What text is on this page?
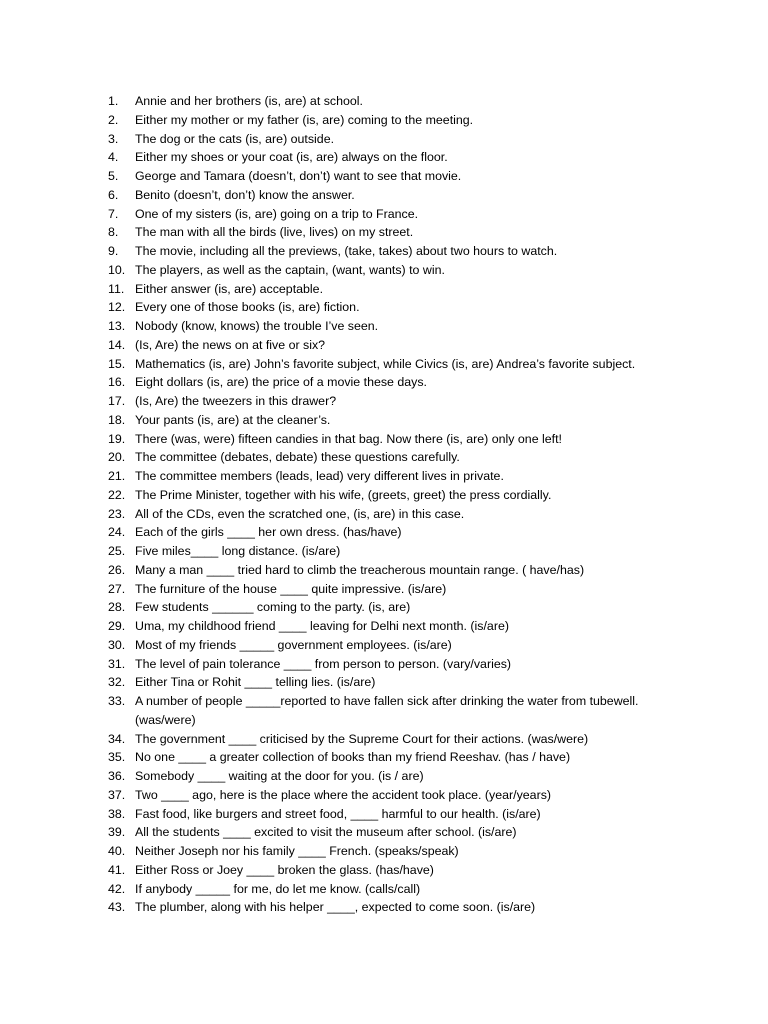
1.	Annie and her brothers (is, are) at school.
2.	Either my mother or my father (is, are) coming to the meeting.
3.	The dog or the cats (is, are) outside.
4.	Either my shoes or your coat (is, are) always on the floor.
5.	George and Tamara (doesn’t, don’t) want to see that movie.
6.	Benito (doesn’t, don’t) know the answer.
7.	One of my sisters (is, are) going on a trip to France.
8.	The man with all the birds (live, lives) on my street.
9.	The movie, including all the previews, (take, takes) about two hours to watch.
10. The players, as well as the captain, (want, wants) to win.
11. Either answer (is, are) acceptable.
12. Every one of those books (is, are) fiction.
13. Nobody (know, knows) the trouble I’ve seen.
14. (Is, Are) the news on at five or six?
15. Mathematics (is, are) John’s favorite subject, while Civics (is, are) Andrea’s favorite subject.
16. Eight dollars (is, are) the price of a movie these days.
17. (Is, Are) the tweezers in this drawer?
18. Your pants (is, are) at the cleaner’s.
19. There (was, were) fifteen candies in that bag. Now there (is, are) only one left!
20. The committee (debates, debate) these questions carefully.
21. The committee members (leads, lead) very different lives in private.
22. The Prime Minister, together with his wife, (greets, greet) the press cordially.
23. All of the CDs, even the scratched one, (is, are) in this case.
24. Each of the girls ____ her own dress. (has/have)
25. Five miles____ long distance. (is/are)
26. Many a man ____ tried hard to climb the treacherous mountain range. ( have/has)
27. The furniture of the house ____ quite impressive. (is/are)
28. Few students ______ coming to the party. (is, are)
29. Uma, my childhood friend ____ leaving for Delhi next month. (is/are)
30. Most of my friends _____ government employees. (is/are)
31. The level of pain tolerance ____ from person to person. (vary/varies)
32. Either Tina or Rohit ____ telling lies. (is/are)
33. A number of people _____reported to have fallen sick after drinking the water from tubewell. (was/were)
34. The government ____ criticised by the Supreme Court for their actions. (was/were)
35. No one ____ a greater collection of books than my friend Reeshav. (has / have)
36. Somebody ____ waiting at the door for you. (is / are)
37. Two ____ ago, here is the place where the accident took place. (year/years)
38. Fast food, like burgers and street food, ____ harmful to our health. (is/are)
39. All the students ____ excited to visit the museum after school. (is/are)
40. Neither Joseph nor his family ____ French. (speaks/speak)
41. Either Ross or Joey ____ broken the glass. (has/have)
42. If anybody _____ for me, do let me know. (calls/call)
43. The plumber, along with his helper ____, expected to come soon. (is/are)
